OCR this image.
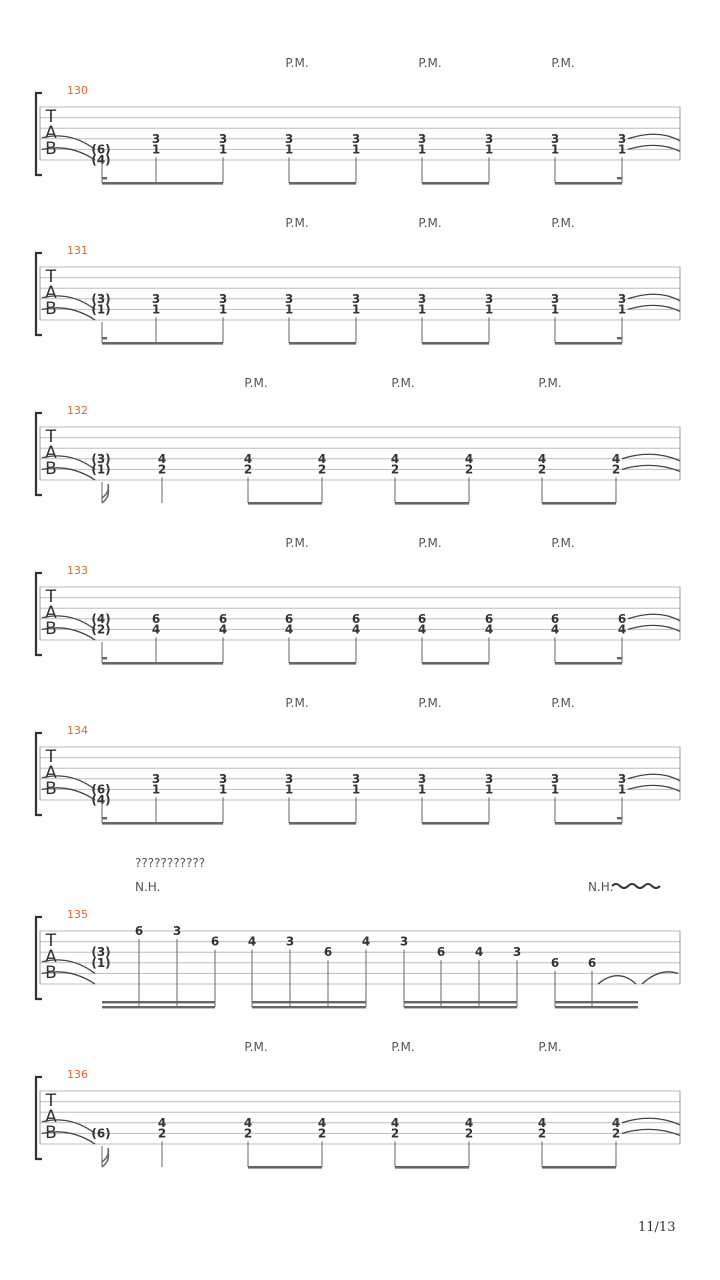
T
A
B
130
(6)
(4)
P.M.	P.M.	P.M.
3
1
3
1
3
1
3
1
3
1
3
1
3
1
3
1
T
A
B
131
(3)
(1)
P.M.	P.M.	P.M.
3
1
3
1
3
1
3
1
3
1
3
1
3
1
3
1
T
A
B
132
(3)
(1)
P.M.	P.M.	P.M.
4
2
4
2
4
2
4
2
4
2
4
2
4
2
T
A
B
133
(4)
(2)
P.M.	P.M.	P.M.
6
4
6
4
6
4
6
4
6
4
6
4
6
4
6
4
T
A
B
134
(6)
(4)
P.M.	P.M.	P.M.
3
1
3
1
3
1
3
1
3
1
3
1
3
1
3
1
T
A
B
135
(3)
(1)
???????????
N.H.	N.H.
6 3
6 4 3
6
4 3
6 4 3
6 6
T
A
B
136
(6)
P.M.	P.M.	P.M.
4
2
4
2
4
2
4
2
4
2
4
2
4
2
11/13
